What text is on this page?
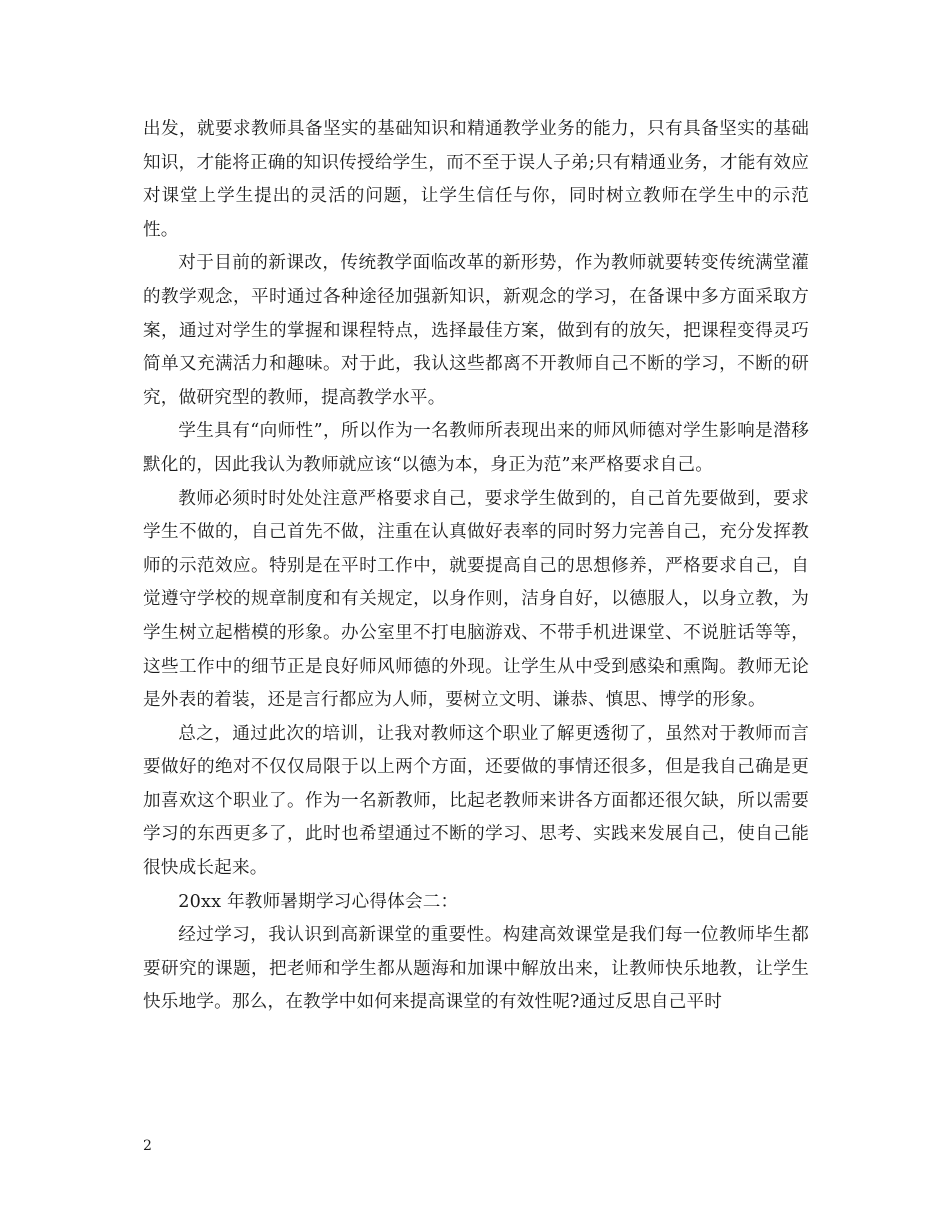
出发，就要求教师具备坚实的基础知识和精通教学业务的能力，只有具备坚实的基础知识，才能将正确的知识传授给学生，而不至于误人子弟;只有精通业务，才能有效应对课堂上学生提出的灵活的问题，让学生信任与你，同时树立教师在学生中的示范性。

对于目前的新课改，传统教学面临改革的新形势，作为教师就要转变传统满堂灌的教学观念，平时通过各种途径加强新知识，新观念的学习，在备课中多方面采取方案，通过对学生的掌握和课程特点，选择最佳方案，做到有的放矢，把课程变得灵巧简单又充满活力和趣味。对于此，我认这些都离不开教师自己不断的学习，不断的研究，做研究型的教师，提高教学水平。

学生具有“向师性”，所以作为一名教师所表现出来的师风师德对学生影响是潜移默化的，因此我认为教师就应该“以德为本，身正为范”来严格要求自己。

教师必须时时处处注意严格要求自己，要求学生做到的，自己首先要做到，要求学生不做的，自己首先不做，注重在认真做好表率的同时努力完善自己，充分发挥教师的示范效应。特别是在平时工作中，就要提高自己的思想修养，严格要求自己，自觉遵守学校的规章制度和有关规定，以身作则，洁身自好，以德服人，以身立教，为学生树立起楷模的形象。办公室里不打电脑游戏、不带手机进课堂、不说脏话等等，这些工作中的细节正是良好师风师德的外现。让学生从中受到感染和熏陶。教师无论是外表的着装，还是言行都应为人师，要树立文明、谦恭、慎思、博学的形象。

总之，通过此次的培训，让我对教师这个职业了解更透彻了，虽然对于教师而言要做好的绝对不仅仅局限于以上两个方面，还要做的事情还很多，但是我自己确是更加喜欢这个职业了。作为一名新教师，比起老教师来讲各方面都还很欠缺，所以需要学习的东西更多了，此时也希望通过不断的学习、思考、实践来发展自己，使自己能很快成长起来。

20xx 年教师暑期学习心得体会二：

经过学习，我认识到高新课堂的重要性。构建高效课堂是我们每一位教师毕生都要研究的课题，把老师和学生都从题海和加课中解放出来，让教师快乐地教，让学生快乐地学。那么，在教学中如何来提高课堂的有效性呢?通过反思自己平时

2
